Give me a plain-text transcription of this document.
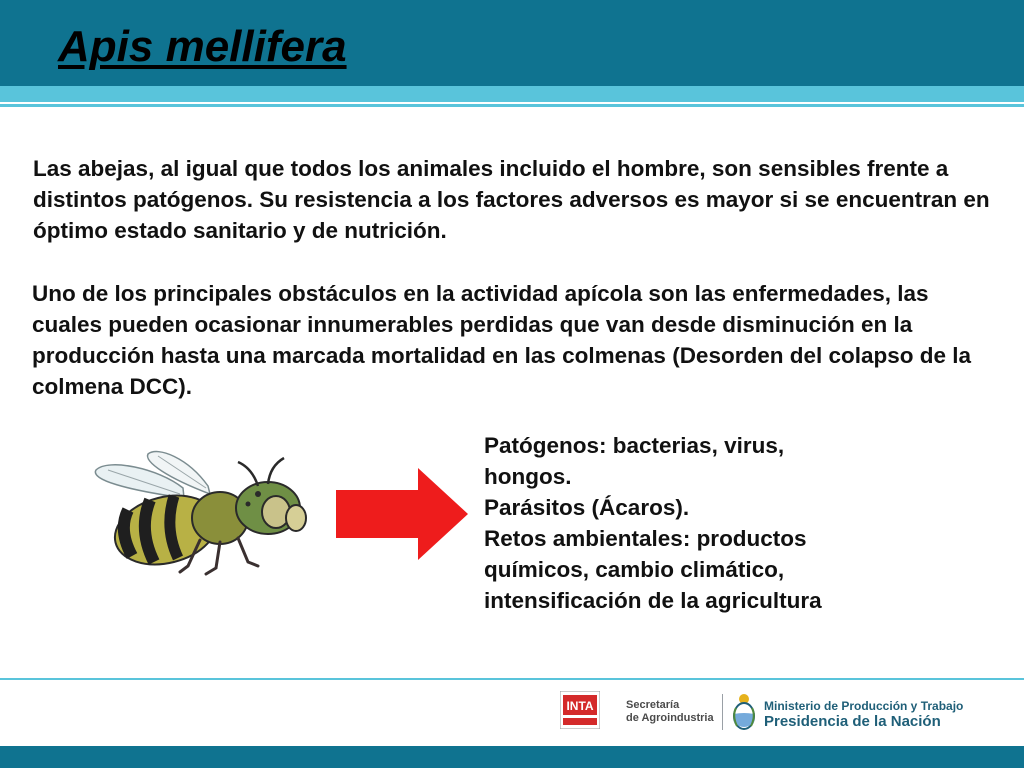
Apis mellifera

Las abejas, al igual que todos los animales incluido el hombre, son sensibles frente a distintos patógenos. Su resistencia a los factores adversos es mayor si se encuentran en óptimo estado sanitario y de nutrición.

Uno de los principales obstáculos en la actividad apícola son las enfermedades, las cuales pueden ocasionar innumerables perdidas que van desde disminución en la producción hasta una marcada mortalidad en las colmenas (Desorden del colapso de la colmena DCC).

Patógenos: bacterias, virus, hongos.
Parásitos (Ácaros).
Retos ambientales: productos químicos, cambio climático, intensificación de la agricultura

INTA	Secretaría
de Agroindustria
Ministerio de Producción y Trabajo
Presidencia de la Nación
